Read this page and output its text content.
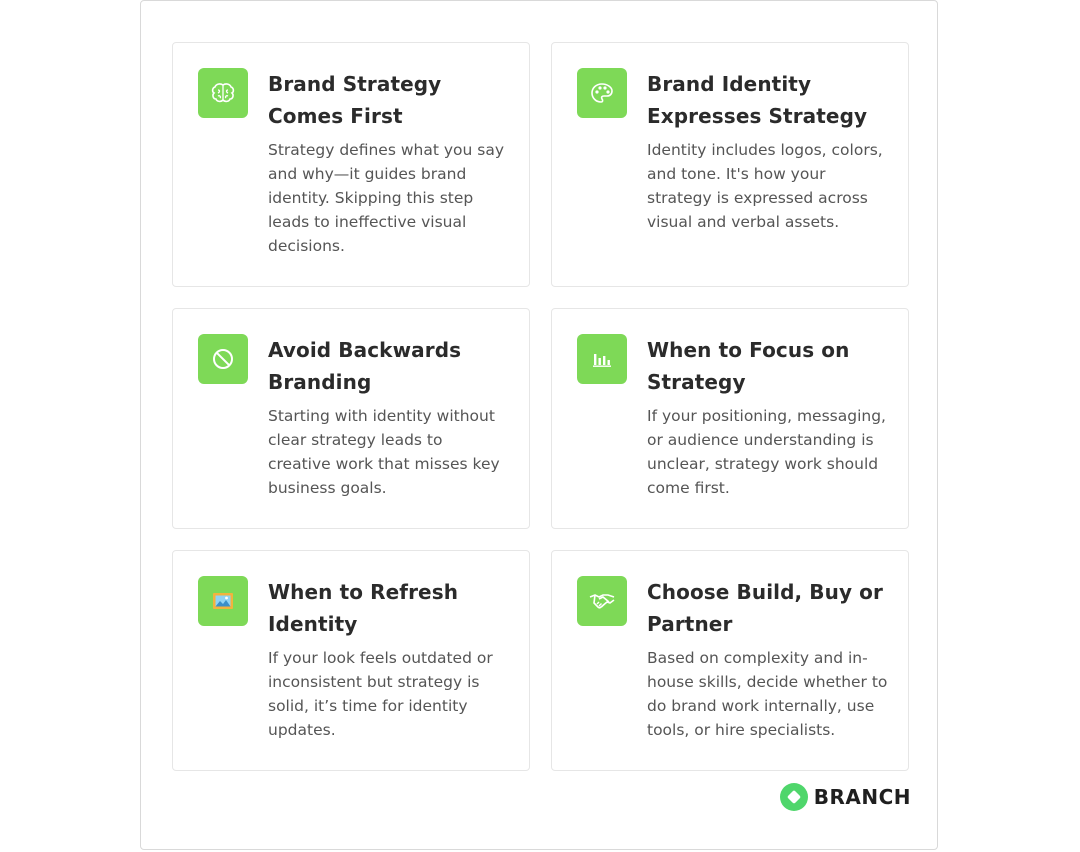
Brand Strategy Comes First

Strategy defines what you say and why—it guides brand identity. Skipping this step leads to ineffective visual decisions.

Brand Identity Expresses Strategy

Identity includes logos, colors, and tone. It's how your strategy is expressed across visual and verbal assets.

Avoid Backwards Branding

Starting with identity without clear strategy leads to creative work that misses key business goals.

When to Focus on Strategy

If your positioning, messaging, or audience understanding is unclear, strategy work should come first.

When to Refresh Identity

If your look feels outdated or inconsistent but strategy is solid, it’s time for identity updates.

Choose Build, Buy or Partner

Based on complexity and in-house skills, decide whether to do brand work internally, use tools, or hire specialists.

BRANCH
